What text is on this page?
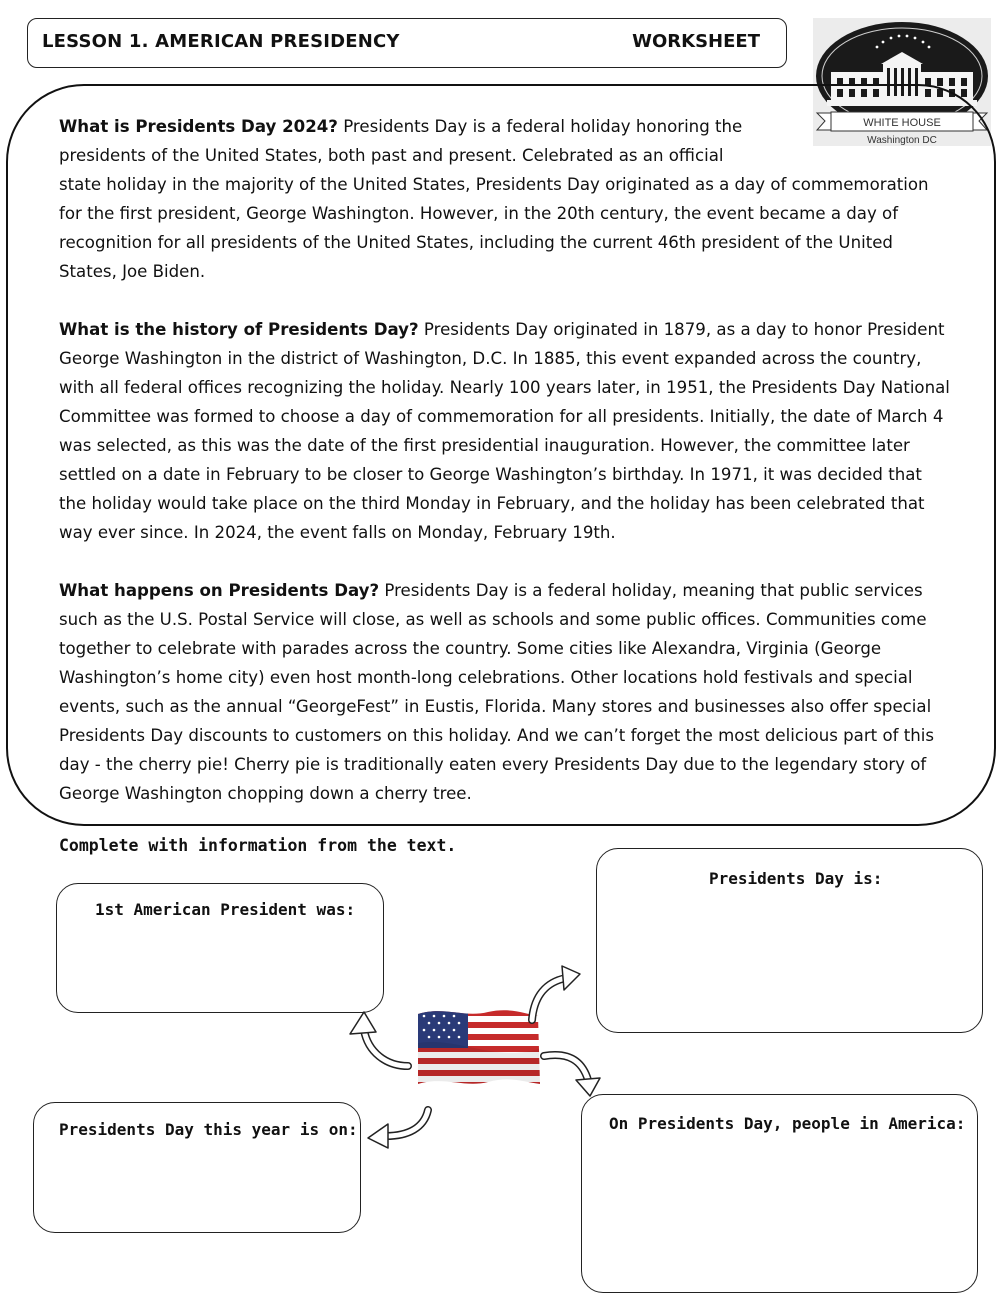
LESSON 1. AMERICAN PRESIDENCY	WORKSHEET
WHITE HOUSE
Washington DC

What is Presidents Day 2024? Presidents Day is a federal holiday honoring the presidents of the United States, both past and present. Celebrated as an official state holiday in the majority of the United States, Presidents Day originated as a day of commemoration for the first president, George Washington. However, in the 20th century, the event became a day of recognition for all presidents of the United States, including the current 46th president of the United States, Joe Biden.

What is the history of Presidents Day? Presidents Day originated in 1879, as a day to honor President George Washington in the district of Washington, D.C. In 1885, this event expanded across the country, with all federal offices recognizing the holiday. Nearly 100 years later, in 1951, the Presidents Day National Committee was formed to choose a day of commemoration for all presidents. Initially, the date of March 4 was selected, as this was the date of the first presidential inauguration. However, the committee later settled on a date in February to be closer to George Washington’s birthday. In 1971, it was decided that the holiday would take place on the third Monday in February, and the holiday has been celebrated that way ever since. In 2024, the event falls on Monday, February 19th.

What happens on Presidents Day? Presidents Day is a federal holiday, meaning that public services such as the U.S. Postal Service will close, as well as schools and some public offices. Communities come together to celebrate with parades across the country. Some cities like Alexandra, Virginia (George Washington’s home city) even host month-long celebrations. Other locations hold festivals and special events, such as the annual “GeorgeFest” in Eustis, Florida. Many stores and businesses also offer special Presidents Day discounts to customers on this holiday. And we can’t forget the most delicious part of this day - the cherry pie! Cherry pie is traditionally eaten every Presidents Day due to the legendary story of George Washington chopping down a cherry tree.

Complete with information from the text.
1st American President was:
Presidents Day is:
Presidents Day this year is on:	On Presidents Day, people in America:
